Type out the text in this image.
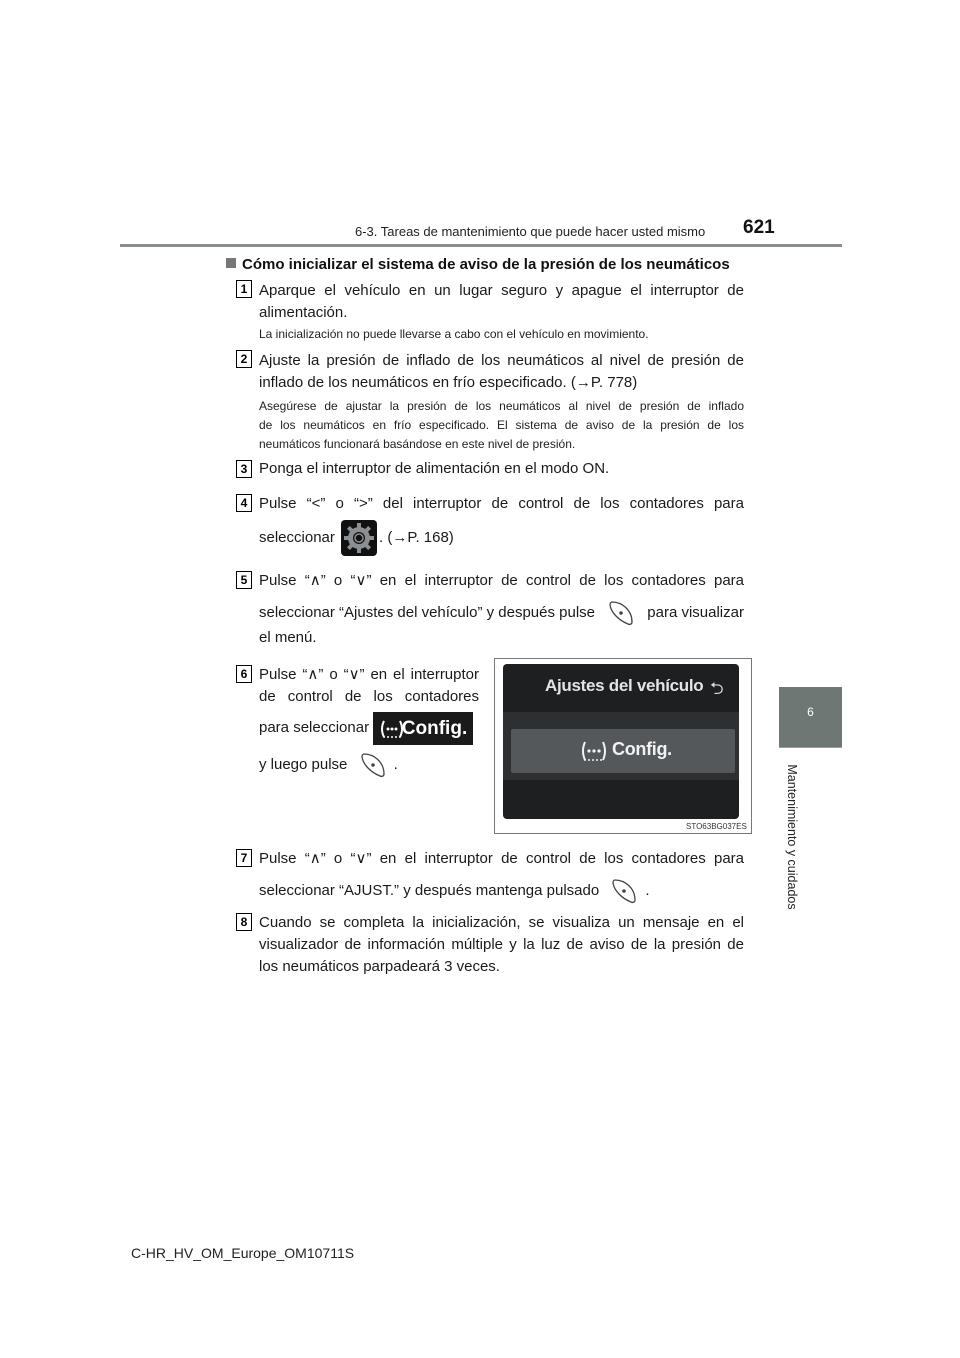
6-3. Tareas de mantenimiento que puede hacer usted mismo 621
6
Mantenimiento y cuidados
Cómo inicializar el sistema de aviso de la presión de los neumáticos
1 Aparque el vehículo en un lugar seguro y apague el interruptor de
alimentación.
La inicialización no puede llevarse a cabo con el vehículo en movimiento.
2 Ajuste la presión de inflado de los neumáticos al nivel de presión de
inflado de los neumáticos en frío especificado. (→P. 778)
Asegúrese de ajustar la presión de los neumáticos al nivel de presión de inflado
de los neumáticos en frío especificado. El sistema de aviso de la presión de los
neumáticos funcionará basándose en este nivel de presión.
3 Ponga el interruptor de alimentación en el modo ON.
4 Pulse “<” o “>” del interruptor de control de los contadores para
seleccionar	. (→P. 168)
5 Pulse “∧” o “∨” en el interruptor de control de los contadores para
seleccionar “Ajustes del vehículo” y después pulse	para visualizar
el menú.
6 Pulse “∧” o “∨” en el interruptor
de control de los contadores
para seleccionar Config.
y luego pulse	.
Ajustes del vehículo ⮌
Config.
STO63BG037ES
7 Pulse “∧” o “∨” en el interruptor de control de los contadores para
seleccionar “AJUST.” y después mantenga pulsado	.
8 Cuando se completa la inicialización, se visualiza un mensaje en el
visualizador de información múltiple y la luz de aviso de la presión de
los neumáticos parpadeará 3 veces.
C-HR_HV_OM_Europe_OM10711S
